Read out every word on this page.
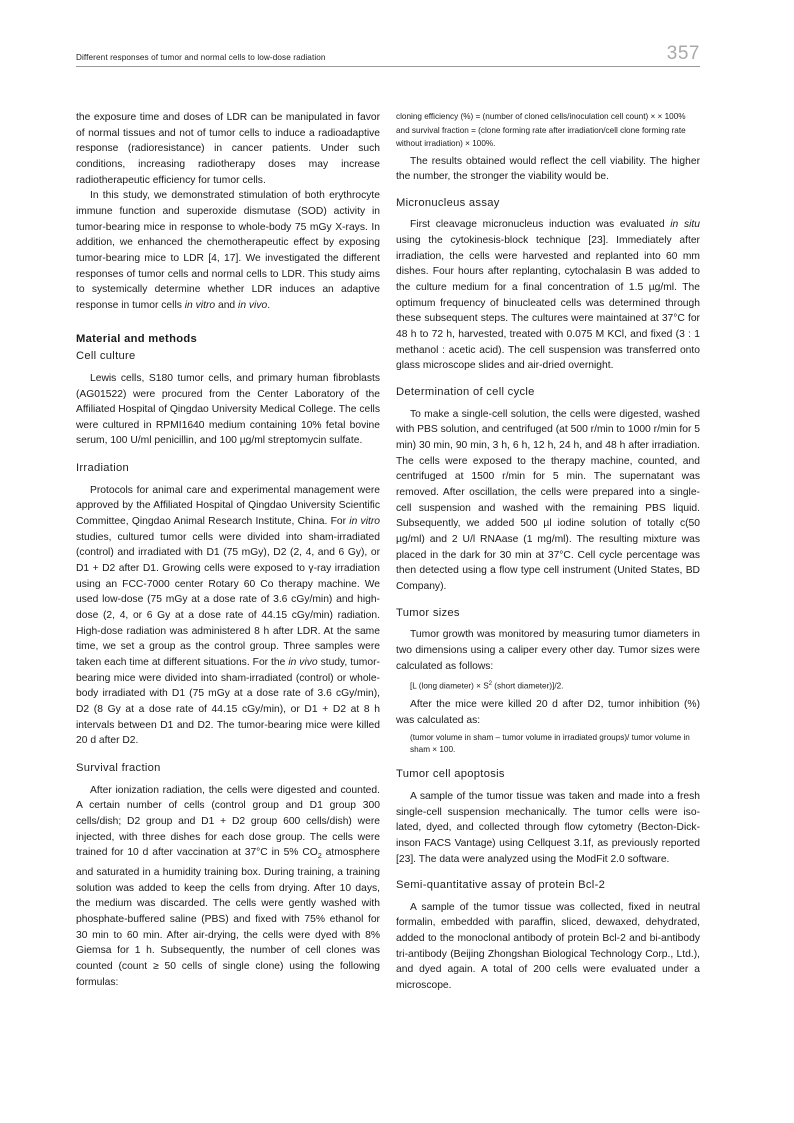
Different responses of tumor and normal cells to low-dose radiation	357

the exposure time and doses of LDR can be manipulated in favor of normal tissues and not of tumor cells to induce a radioadaptive response (radioresistance) in cancer patients. Under such conditions, increasing radiotherapy doses may increase radiotherapeutic efficiency for tumor cells.

In this study, we demonstrated stimulation of both erythrocyte immune function and superoxide dismutase (SOD) activity in tumor-bearing mice in response to whole-body 75 mGy X-rays. In addition, we enhanced the chemotherapeutic effect by exposing tumor-bearing mice to LDR [4, 17]. We investigated the different responses of tumor cells and normal cells to LDR. This study aims to systemically determine whether LDR induces an adaptive response in tumor cells in vitro and in vivo.

Material and methods
Cell culture

Lewis cells, S180 tumor cells, and primary human fibroblasts (AG01522) were procured from the Center Laboratory of the Affiliated Hospital of Qingdao University Medical College. The cells were cultured in RPMI1640 medium containing 10% fetal bovine serum, 100 U/ml penicillin, and 100 µg/ml streptomycin sulfate.

Irradiation

Protocols for animal care and experimental management were approved by the Affiliated Hospital of Qingdao University Scientific Committee, Qingdao Animal Research Institute, China. For in vitro studies, cultured tumor cells were divided into sham-irradiated (control) and irradiated with D1 (75 mGy), D2 (2, 4, and 6 Gy), or D1 + D2 after D1. Growing cells were exposed to γ-ray irradiation using an FCC-7000 center Rotary 60 Co therapy machine. We used low-dose (75 mGy at a dose rate of 3.6 cGy/min) and high-dose (2, 4, or 6 Gy at a dose rate of 44.15 cGy/min) radiation. High-dose radiation was administered 8 h after LDR. At the same time, we set a group as the control group. Three samples were taken each time at different situations. For the in vivo study, tumor-bearing mice were divided into sham-irradiated (control) or whole-body irradiated with D1 (75 mGy at a dose rate of 3.6 cGy/min), D2 (8 Gy at a dose rate of 44.15 cGy/min), or D1 + D2 at 8 h intervals between D1 and D2. The tumor-bearing mice were killed 20 d after D2.

Survival fraction

After ionization radiation, the cells were digested and counted. A certain number of cells (control group and D1 group 300 cells/dish; D2 group and D1 + D2 group 600 cells/dish) were injected, with three dishes for each dose group. The cells were trained for 10 d after vaccination at 37°C in 5% $CO_2$ atmosphere and saturated in a humidity training box. During training, a training solution was added to keep the cells from drying. After 10 days, the medium was discarded. The cells were gently washed with phosphate-buffered saline (PBS) and fixed with 75% ethanol for 30 min to 60 min. After air-drying, the cells were dyed with 8% Giemsa for 1 h. Subsequently, the number of cell clones was counted (count ≥ 50 cells of single clone) using the following formulas:

cloning efficiency (%) = (number of cloned cells/inoculation cell count) × × 100% and survival fraction = (clone forming rate after irradiation/cell clone forming rate without irradiation) × 100%.

The results obtained would reflect the cell viability. The higher the number, the stronger the viability would be.

Micronucleus assay

First cleavage micronucleus induction was evaluated in situ using the cytokinesis-block technique [23]. Immediately after irradiation, the cells were harvested and replanted into 60 mm dishes. Four hours after replanting, cytochalasin B was added to the culture medium for a final concentration of 1.5 µg/ml. The optimum frequency of binucleated cells was determined through these subsequent steps. The cultures were maintained at 37°C for 48 h to 72 h, harvested, treated with 0.075 M KCl, and fixed (3 : 1 methanol : acetic acid). The cell suspension was transferred onto glass microscope slides and air-dried overnight.

Determination of cell cycle

To make a single-cell solution, the cells were digested, washed with PBS solution, and centrifuged (at 500 r/min to 1000 r/min for 5 min) 30 min, 90 min, 3 h, 6 h, 12 h, 24 h, and 48 h after irradiation. The cells were exposed to the therapy machine, counted, and centrifuged at 1500 r/min for 5 min. The supernatant was removed. After oscillation, the cells were prepared into a single-cell suspension and washed with the remaining PBS liquid. Subsequently, we added 500 µl iodine solution of totally c(50 µg/ml) and 2 U/l RNAase (1 mg/ml). The resulting mixture was placed in the dark for 30 min at 37°C. Cell cycle percentage was then detected using a flow type cell instrument (United States, BD Company).

Tumor sizes

Tumor growth was monitored by measuring tumor diameters in two dimensions using a caliper every other day. Tumor sizes were calculated as follows:

[L (long diameter) × $S^2$ (short diameter)]/2.

After the mice were killed 20 d after D2, tumor inhibition (%) was calculated as:

(tumor volume in sham – tumor volume in irradiated groups)/ tumor volume in sham × 100.

Tumor cell apoptosis

A sample of the tumor tissue was taken and made into a fresh single-cell suspension mechanically. The tumor cells were isolated, dyed, and collected through flow cytometry (Becton-Dickinson FACS Vantage) using Cellquest 3.1f, as previously reported [23]. The data were analyzed using the ModFit 2.0 software.

Semi-quantitative assay of protein Bcl-2

A sample of the tumor tissue was collected, fixed in neutral formalin, embedded with paraffin, sliced, dewaxed, dehydrated, added to the monoclonal antibody of protein Bcl-2 and bi-antibody tri-antibody (Beijing Zhongshan Biological Technology Corp., Ltd.), and dyed again. A total of 200 cells were evaluated under a microscope.
